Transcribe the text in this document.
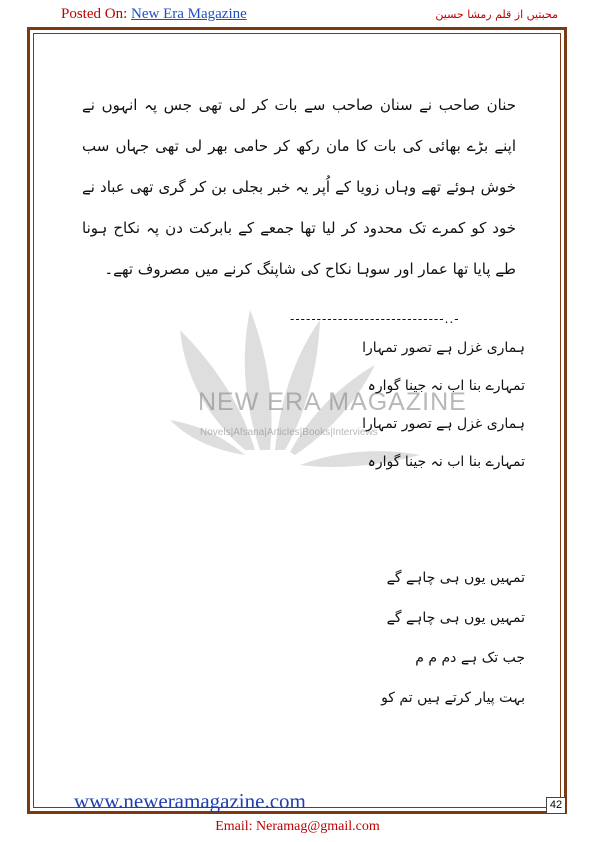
Posted On: New Era Magazine	محبتیں از قلم رمشا حسین
NEW ERA MAGAZINE
Novels|Afsana|Articles|Books|Interviews
حنان صاحب نے سنان صاحب سے بات کر لی تھی جس پہ انہوں نے اپنے بڑے بھائی کی بات کا مان رکھ کر حامی بھر لی تھی جہاں سب خوش ہوئے تھے وہاں زویا کے اُپر یہ خبر بجلی بن کر گری تھی عباد نے خود کو کمرے تک محدود کر لیا تھا جمعے کے بابرکت دن پہ نکاح ہونا طے پایا تھا عمار اور سوہا نکاح کی شاپنگ کرنے میں مصروف تھے۔
-----------------------------..-
ہماری غزل ہے تصور تمہارا
تمہارے بنا اب نہ جینا گوارہ
ہماری غزل ہے تصور تمہارا
تمہارے بنا اب نہ جینا گوارہ
تمہیں یوں ہی چاہے گے
تمہیں یوں ہی چاہے گے
جب تک ہے دم م م
بہت پیار کرتے ہیں تم کو
www.neweramagazine.com	42
Email: Neramag@gmail.com
